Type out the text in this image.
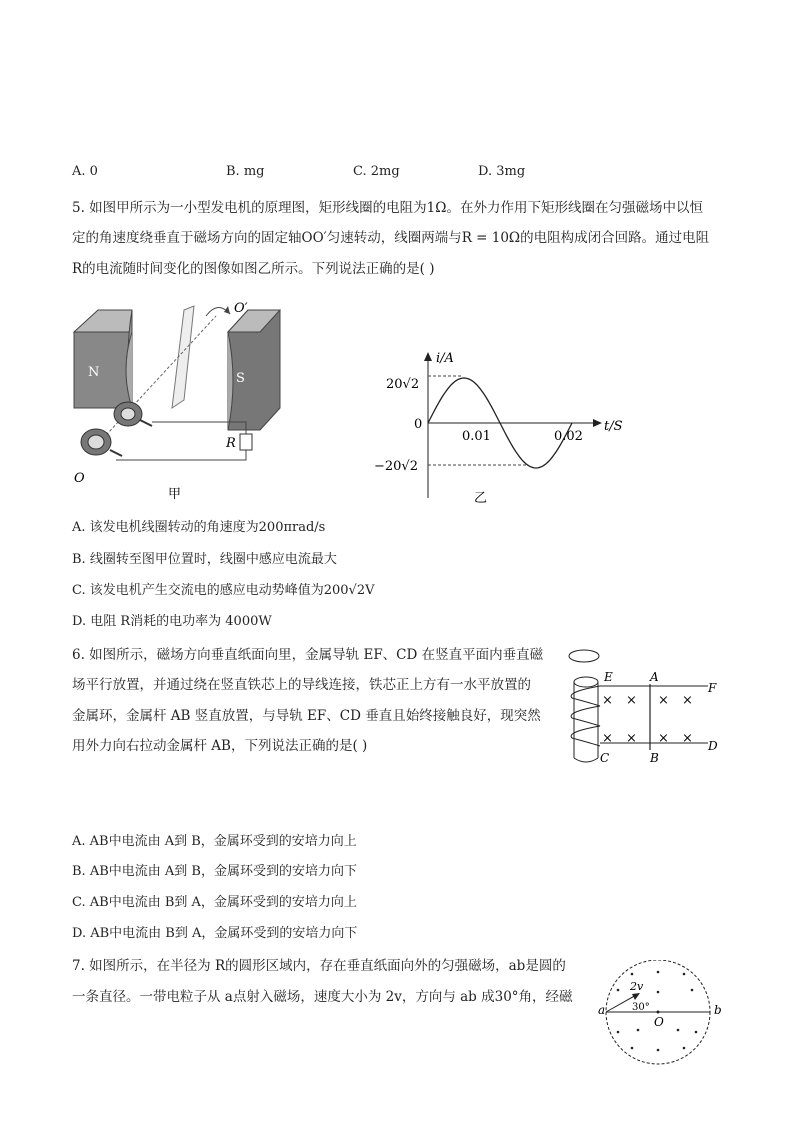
A. 0	B. mg	C. 2mg	D. 3mg
5. 如图甲所示为一小型发电机的原理图，矩形线圈的电阻为1Ω。在外力作用下矩形线圈在匀强磁场中以恒
定的角速度绕垂直于磁场方向的固定轴OO′匀速转动，线圈两端与R = 10Ω的电阻构成闭合回路。通过电阻
R的电流随时间变化的图像如图乙所示。下列说法正确的是( )
N	S
R
O
O′
甲
i/A
t/S
20√2
−20√2
0
0.01	0.02
乙
A. 该发电机线圈转动的角速度为200πrad/s
B. 线圈转至图甲位置时，线圈中感应电流最大
C. 该发电机产生交流电的感应电动势峰值为200√2V
D. 电阻 R消耗的电功率为 4000W
6. 如图所示，磁场方向垂直纸面向里，金属导轨 EF、CD 在竖直平面内垂直磁
场平行放置，并通过绕在竖直铁芯上的导线连接，铁芯正上方有一水平放置的
金属环，金属杆 AB 竖直放置，与导轨 EF、CD 垂直且始终接触良好，现突然
用外力向右拉动金属杆 AB，下列说法正确的是( )
× × × ×
× × × ×
E	A
F
C	B
D
A. AB中电流由 A到 B，金属环受到的安培力向上
B. AB中电流由 A到 B，金属环受到的安培力向下
C. AB中电流由 B到 A，金属环受到的安培力向上
D. AB中电流由 B到 A，金属环受到的安培力向下
7. 如图所示，在半径为 R的圆形区域内，存在垂直纸面向外的匀强磁场，ab是圆的
一条直径。一带电粒子从 a点射入磁场，速度大小为 2v，方向与 ab 成30°角，经磁
a	b
O
2v
30°
